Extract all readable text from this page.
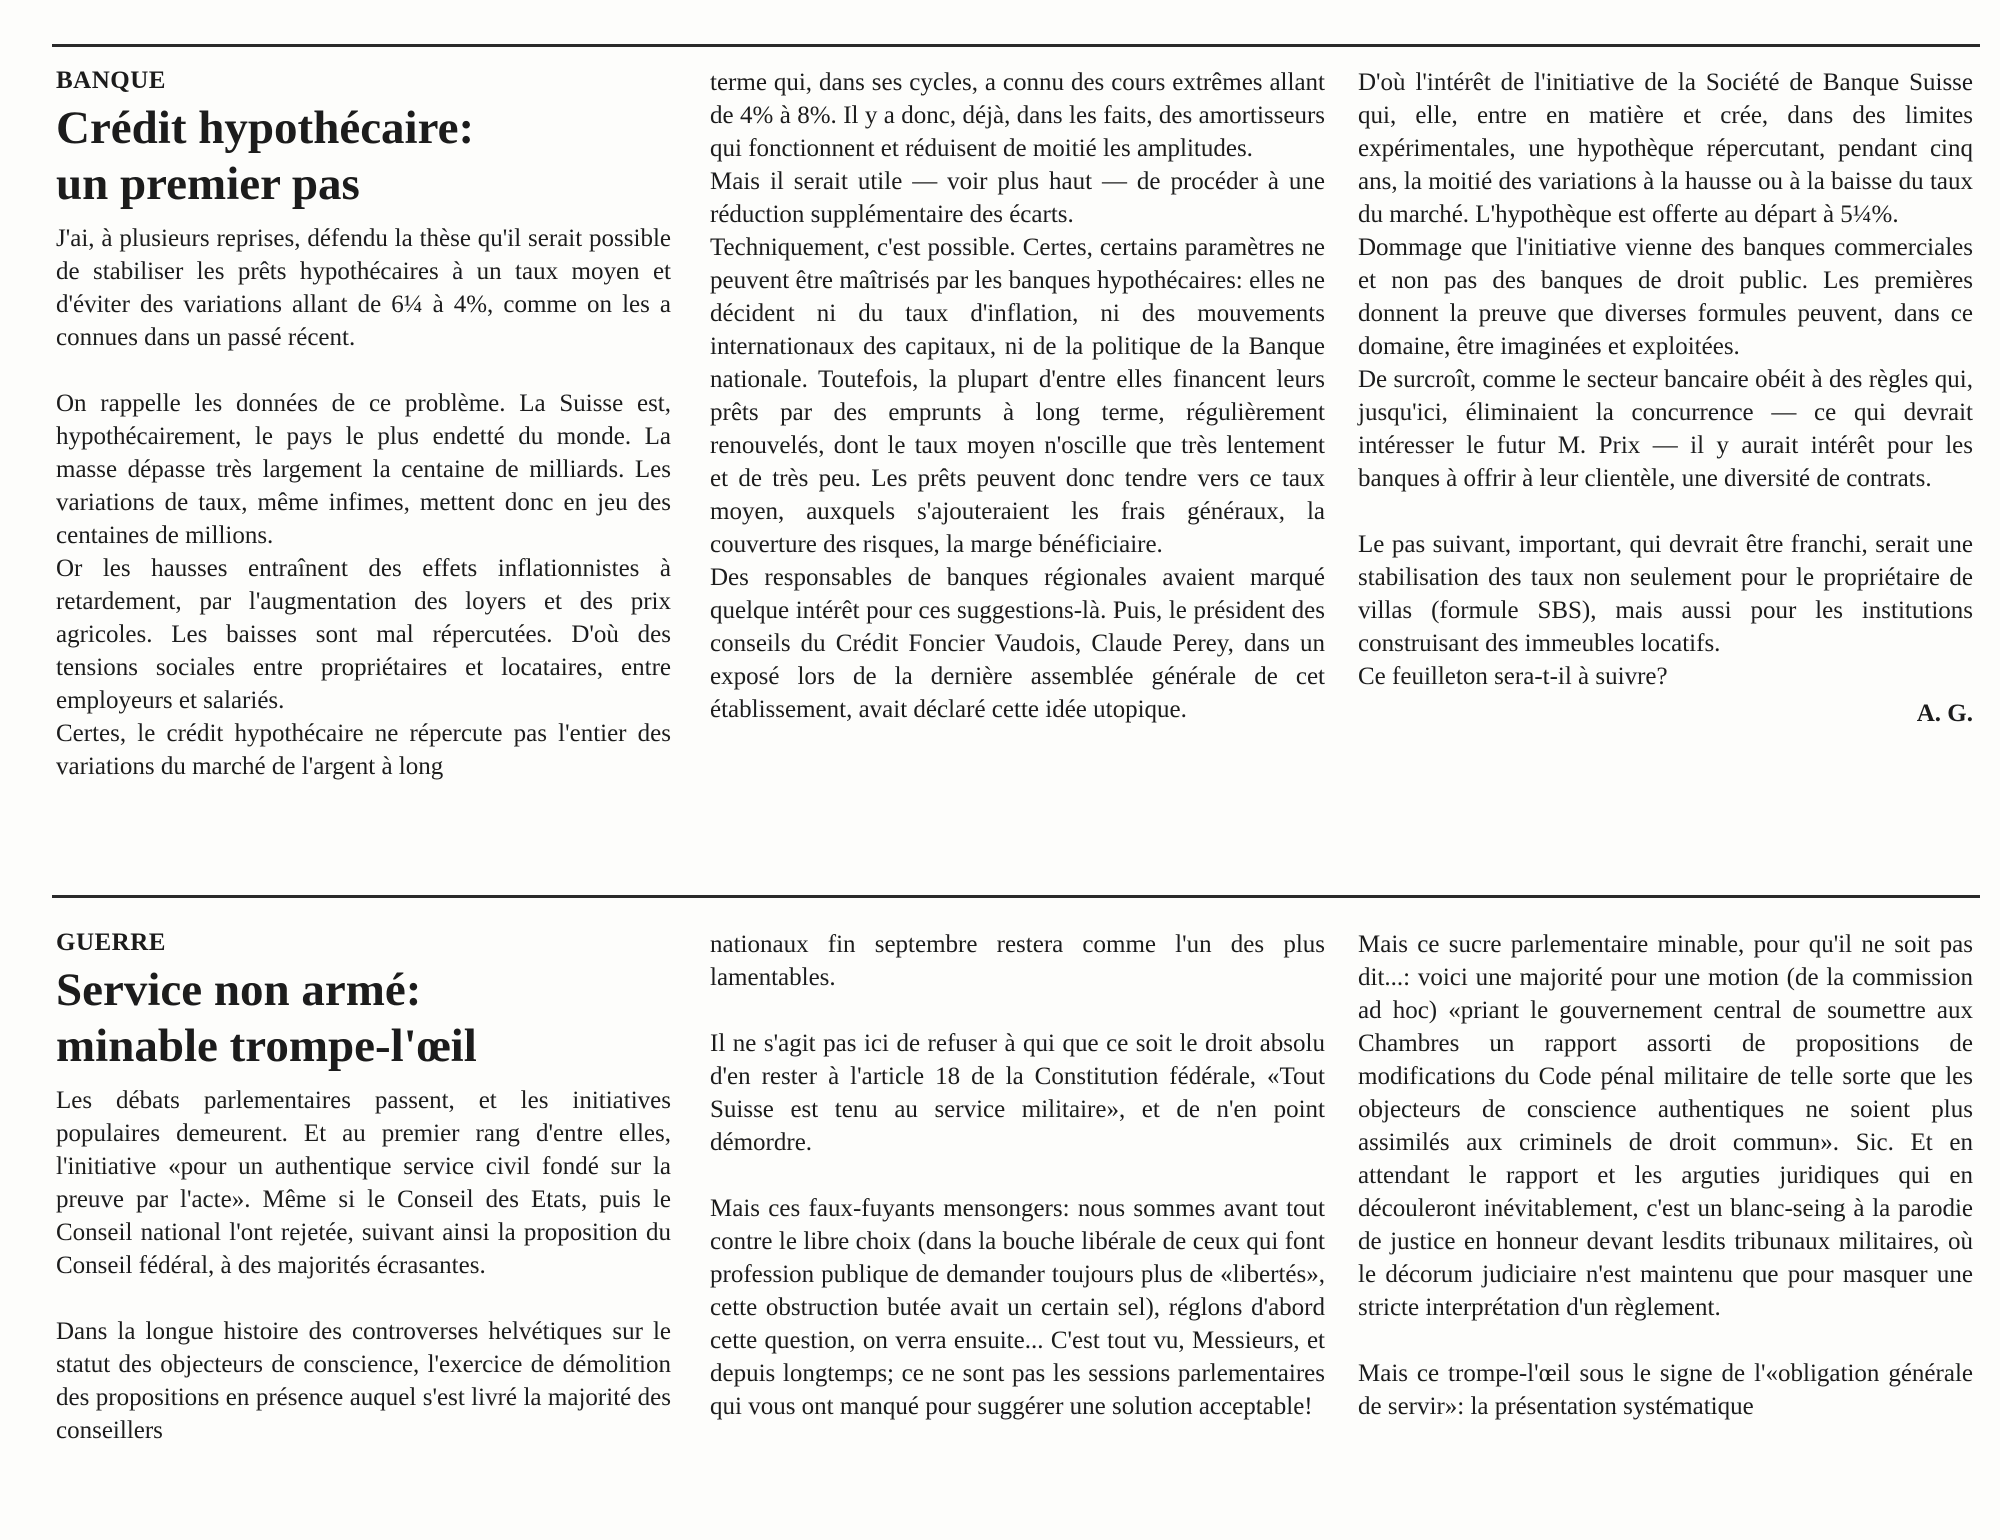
BANQUE
Crédit hypothécaire:
un premier pas

J'ai, à plusieurs reprises, défendu la thèse qu'il serait possible de stabiliser les prêts hypothécaires à un taux moyen et d'éviter des variations allant de 6¼ à 4%, comme on les a connues dans un passé récent.

On rappelle les données de ce problème. La Suisse est, hypothécairement, le pays le plus endetté du monde. La masse dépasse très largement la centaine de milliards. Les variations de taux, même infimes, mettent donc en jeu des centaines de millions.

Or les hausses entraînent des effets inflationnistes à retardement, par l'augmentation des loyers et des prix agricoles. Les baisses sont mal répercutées. D'où des tensions sociales entre propriétaires et locataires, entre employeurs et salariés.

Certes, le crédit hypothécaire ne répercute pas l'entier des variations du marché de l'argent à long

terme qui, dans ses cycles, a connu des cours extrêmes allant de 4% à 8%. Il y a donc, déjà, dans les faits, des amortisseurs qui fonctionnent et réduisent de moitié les amplitudes.

Mais il serait utile — voir plus haut — de procéder à une réduction supplémentaire des écarts.

Techniquement, c'est possible. Certes, certains paramètres ne peuvent être maîtrisés par les banques hypothécaires: elles ne décident ni du taux d'inflation, ni des mouvements internationaux des capitaux, ni de la politique de la Banque nationale. Toutefois, la plupart d'entre elles financent leurs prêts par des emprunts à long terme, régulièrement renouvelés, dont le taux moyen n'oscille que très lentement et de très peu. Les prêts peuvent donc tendre vers ce taux moyen, auxquels s'ajouteraient les frais généraux, la couverture des risques, la marge bénéficiaire.

Des responsables de banques régionales avaient marqué quelque intérêt pour ces suggestions-là. Puis, le président des conseils du Crédit Foncier Vaudois, Claude Perey, dans un exposé lors de la dernière assemblée générale de cet établissement, avait déclaré cette idée utopique.

D'où l'intérêt de l'initiative de la Société de Banque Suisse qui, elle, entre en matière et crée, dans des limites expérimentales, une hypothèque répercutant, pendant cinq ans, la moitié des variations à la hausse ou à la baisse du taux du marché. L'hypothèque est offerte au départ à 5¼%.

Dommage que l'initiative vienne des banques commerciales et non pas des banques de droit public. Les premières donnent la preuve que diverses formules peuvent, dans ce domaine, être imaginées et exploitées.

De surcroît, comme le secteur bancaire obéit à des règles qui, jusqu'ici, éliminaient la concurrence — ce qui devrait intéresser le futur M. Prix — il y aurait intérêt pour les banques à offrir à leur clientèle, une diversité de contrats.

Le pas suivant, important, qui devrait être franchi, serait une stabilisation des taux non seulement pour le propriétaire de villas (formule SBS), mais aussi pour les institutions construisant des immeubles locatifs.

Ce feuilleton sera-t-il à suivre?

A. G.
GUERRE
Service non armé:
minable trompe-l'œil

Les débats parlementaires passent, et les initiatives populaires demeurent. Et au premier rang d'entre elles, l'initiative «pour un authentique service civil fondé sur la preuve par l'acte». Même si le Conseil des Etats, puis le Conseil national l'ont rejetée, suivant ainsi la proposition du Conseil fédéral, à des majorités écrasantes.

Dans la longue histoire des controverses helvétiques sur le statut des objecteurs de conscience, l'exercice de démolition des propositions en présence auquel s'est livré la majorité des conseillers

nationaux fin septembre restera comme l'un des plus lamentables.

Il ne s'agit pas ici de refuser à qui que ce soit le droit absolu d'en rester à l'article 18 de la Constitution fédérale, «Tout Suisse est tenu au service militaire», et de n'en point démordre.

Mais ces faux-fuyants mensongers: nous sommes avant tout contre le libre choix (dans la bouche libérale de ceux qui font profession publique de demander toujours plus de «libertés», cette obstruction butée avait un certain sel), réglons d'abord cette question, on verra ensuite... C'est tout vu, Messieurs, et depuis longtemps; ce ne sont pas les sessions parlementaires qui vous ont manqué pour suggérer une solution acceptable!

Mais ce sucre parlementaire minable, pour qu'il ne soit pas dit...: voici une majorité pour une motion (de la commission ad hoc) «priant le gouvernement central de soumettre aux Chambres un rapport assorti de propositions de modifications du Code pénal militaire de telle sorte que les objecteurs de conscience authentiques ne soient plus assimilés aux criminels de droit commun». Sic. Et en attendant le rapport et les arguties juridiques qui en découleront inévitablement, c'est un blanc-seing à la parodie de justice en honneur devant lesdits tribunaux militaires, où le décorum judiciaire n'est maintenu que pour masquer une stricte interprétation d'un règlement.

Mais ce trompe-l'œil sous le signe de l'«obligation générale de servir»: la présentation systématique
